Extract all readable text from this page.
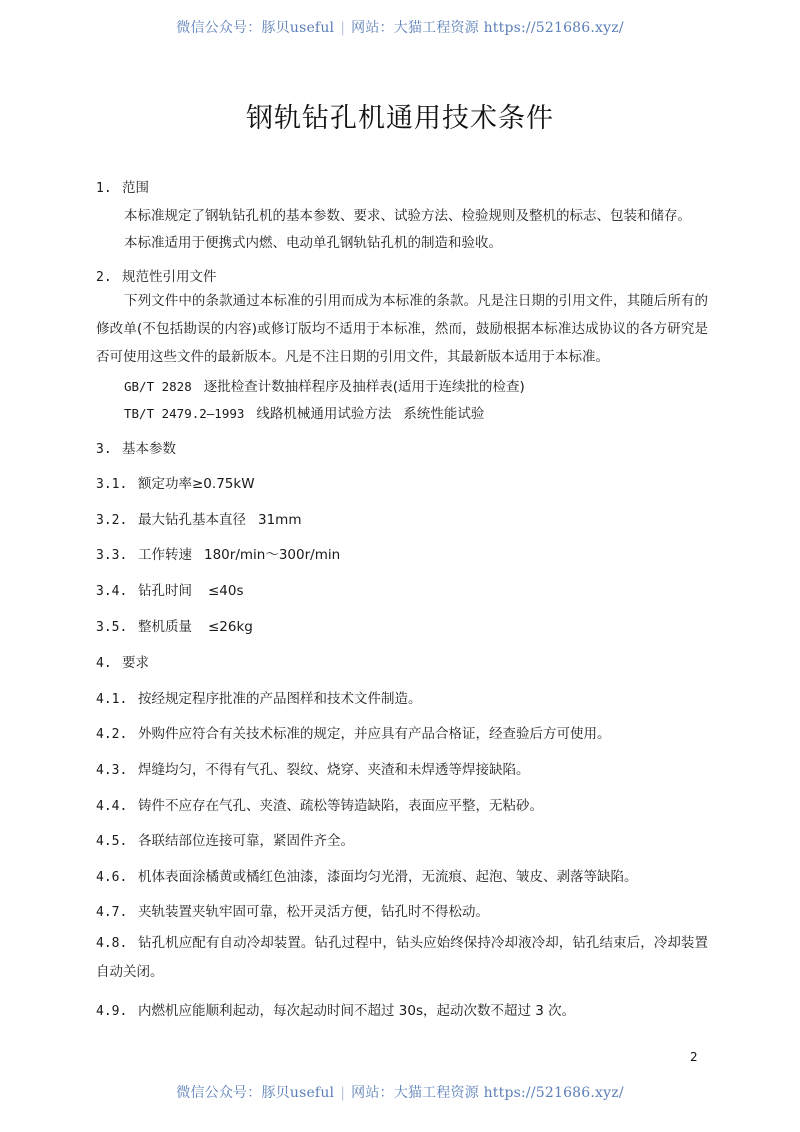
微信公众号：豚贝useful | 网站：大猫工程资源 https://521686.xyz/
钢轨钻孔机通用技术条件
1. 范围
本标准规定了钢轨钻孔机的基本参数、要求、试验方法、检验规则及整机的标志、包装和储存。
本标准适用于便携式内燃、电动单孔钢轨钻孔机的制造和验收。
2. 规范性引用文件
下列文件中的条款通过本标准的引用而成为本标准的条款。凡是注日期的引用文件，其随后所有的修改单(不包括勘误的内容)或修订版均不适用于本标准，然而，鼓励根据本标准达成协议的各方研究是否可使用这些文件的最新版本。凡是不注日期的引用文件，其最新版本适用于本标准。
GB/T 2828 逐批检查计数抽样程序及抽样表(适用于连续批的检查)
TB/T 2479.2—1993 线路机械通用试验方法 系统性能试验
3. 基本参数
3.1. 额定功率≥0.75kW
3.2. 最大钻孔基本直径 31mm
3.3. 工作转速 180r/min～300r/min
3.4. 钻孔时间 ≤40s
3.5. 整机质量 ≤26kg
4. 要求
4.1. 按经规定程序批准的产品图样和技术文件制造。
4.2. 外购件应符合有关技术标准的规定，并应具有产品合格证，经查验后方可使用。
4.3. 焊缝均匀，不得有气孔、裂纹、烧穿、夹渣和未焊透等焊接缺陷。
4.4. 铸件不应存在气孔、夹渣、疏松等铸造缺陷，表面应平整，无粘砂。
4.5. 各联结部位连接可靠，紧固件齐全。
4.6. 机体表面涂橘黄或橘红色油漆，漆面均匀光滑，无流痕、起泡、皱皮、剥落等缺陷。
4.7. 夹轨装置夹轨牢固可靠，松开灵活方便，钻孔时不得松动。
4.8. 钻孔机应配有自动冷却装置。钻孔过程中，钻头应始终保持冷却液冷却，钻孔结束后，冷却装置自动关闭。
4.9. 内燃机应能顺利起动，每次起动时间不超过 30s，起动次数不超过 3 次。
2
微信公众号：豚贝useful | 网站：大猫工程资源 https://521686.xyz/
